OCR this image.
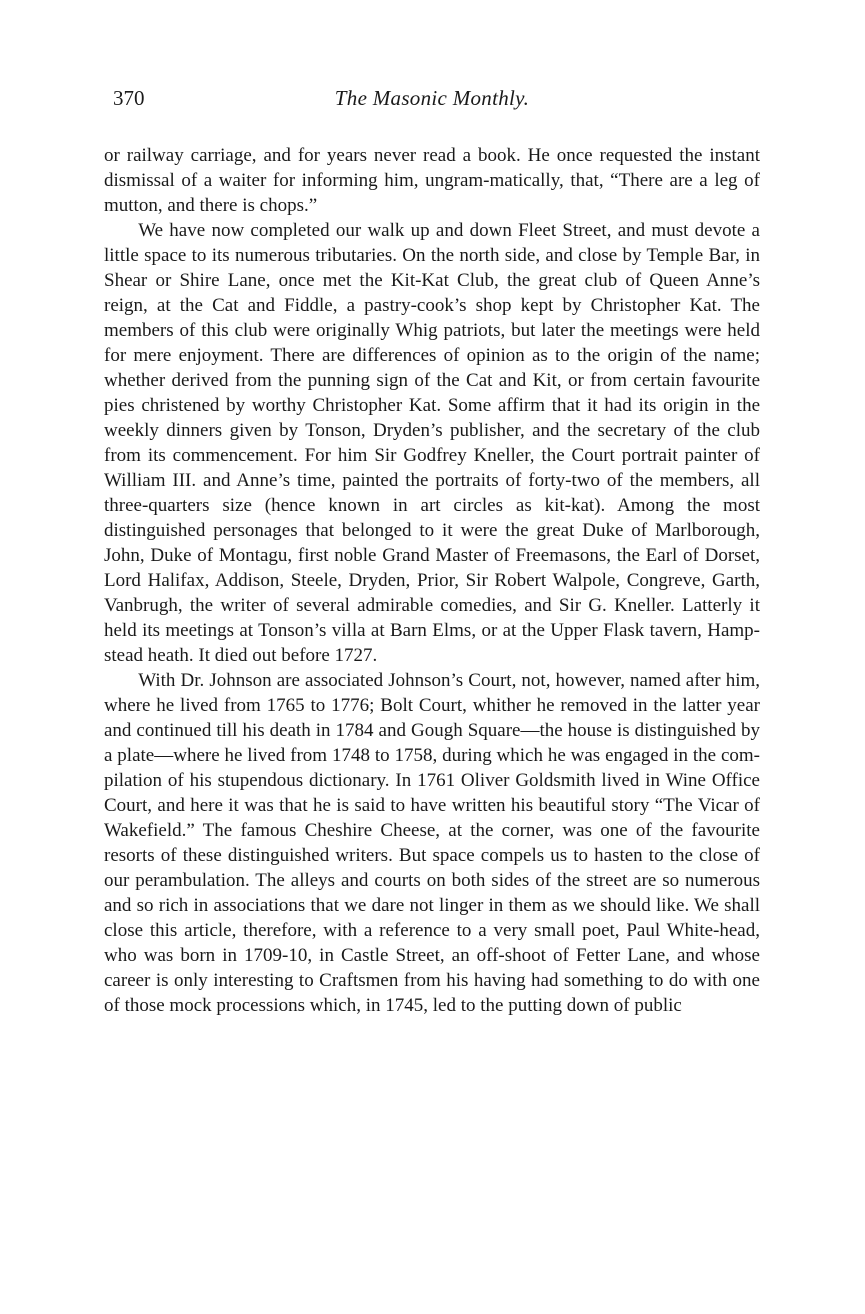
370	The Masonic Monthly.

or railway carriage, and for years never read a book. He once requested the instant dismissal of a waiter for informing him, ungram-matically, that, “There are a leg of mutton, and there is chops.”

We have now completed our walk up and down Fleet Street, and must devote a little space to its numerous tributaries. On the north side, and close by Temple Bar, in Shear or Shire Lane, once met the Kit-Kat Club, the great club of Queen Anne’s reign, at the Cat and Fiddle, a pastry-cook’s shop kept by Christopher Kat. The members of this club were originally Whig patriots, but later the meetings were held for mere enjoyment. There are differences of opinion as to the origin of the name; whether derived from the punning sign of the Cat and Kit, or from certain favourite pies christened by worthy Christopher Kat. Some affirm that it had its origin in the weekly dinners given by Tonson, Dryden’s publisher, and the secretary of the club from its commencement. For him Sir Godfrey Kneller, the Court portrait painter of William III. and Anne’s time, painted the portraits of forty-two of the members, all three-quarters size (hence known in art circles as kit-kat). Among the most distinguished personages that belonged to it were the great Duke of Marlborough, John, Duke of Montagu, first noble Grand Master of Freemasons, the Earl of Dorset, Lord Halifax, Addison, Steele, Dryden, Prior, Sir Robert Walpole, Congreve, Garth, Vanbrugh, the writer of several admirable comedies, and Sir G. Kneller. Latterly it held its meetings at Tonson’s villa at Barn Elms, or at the Upper Flask tavern, Hamp-stead heath. It died out before 1727.

With Dr. Johnson are associated Johnson’s Court, not, however, named after him, where he lived from 1765 to 1776; Bolt Court, whither he removed in the latter year and continued till his death in 1784 and Gough Square—the house is distinguished by a plate—where he lived from 1748 to 1758, during which he was engaged in the com-pilation of his stupendous dictionary. In 1761 Oliver Goldsmith lived in Wine Office Court, and here it was that he is said to have written his beautiful story “The Vicar of Wakefield.” The famous Cheshire Cheese, at the corner, was one of the favourite resorts of these distinguished writers. But space compels us to hasten to the close of our perambulation. The alleys and courts on both sides of the street are so numerous and so rich in associations that we dare not linger in them as we should like. We shall close this article, therefore, with a reference to a very small poet, Paul White-head, who was born in 1709-10, in Castle Street, an off-shoot of Fetter Lane, and whose career is only interesting to Craftsmen from his having had something to do with one of those mock processions which, in 1745, led to the putting down of public
